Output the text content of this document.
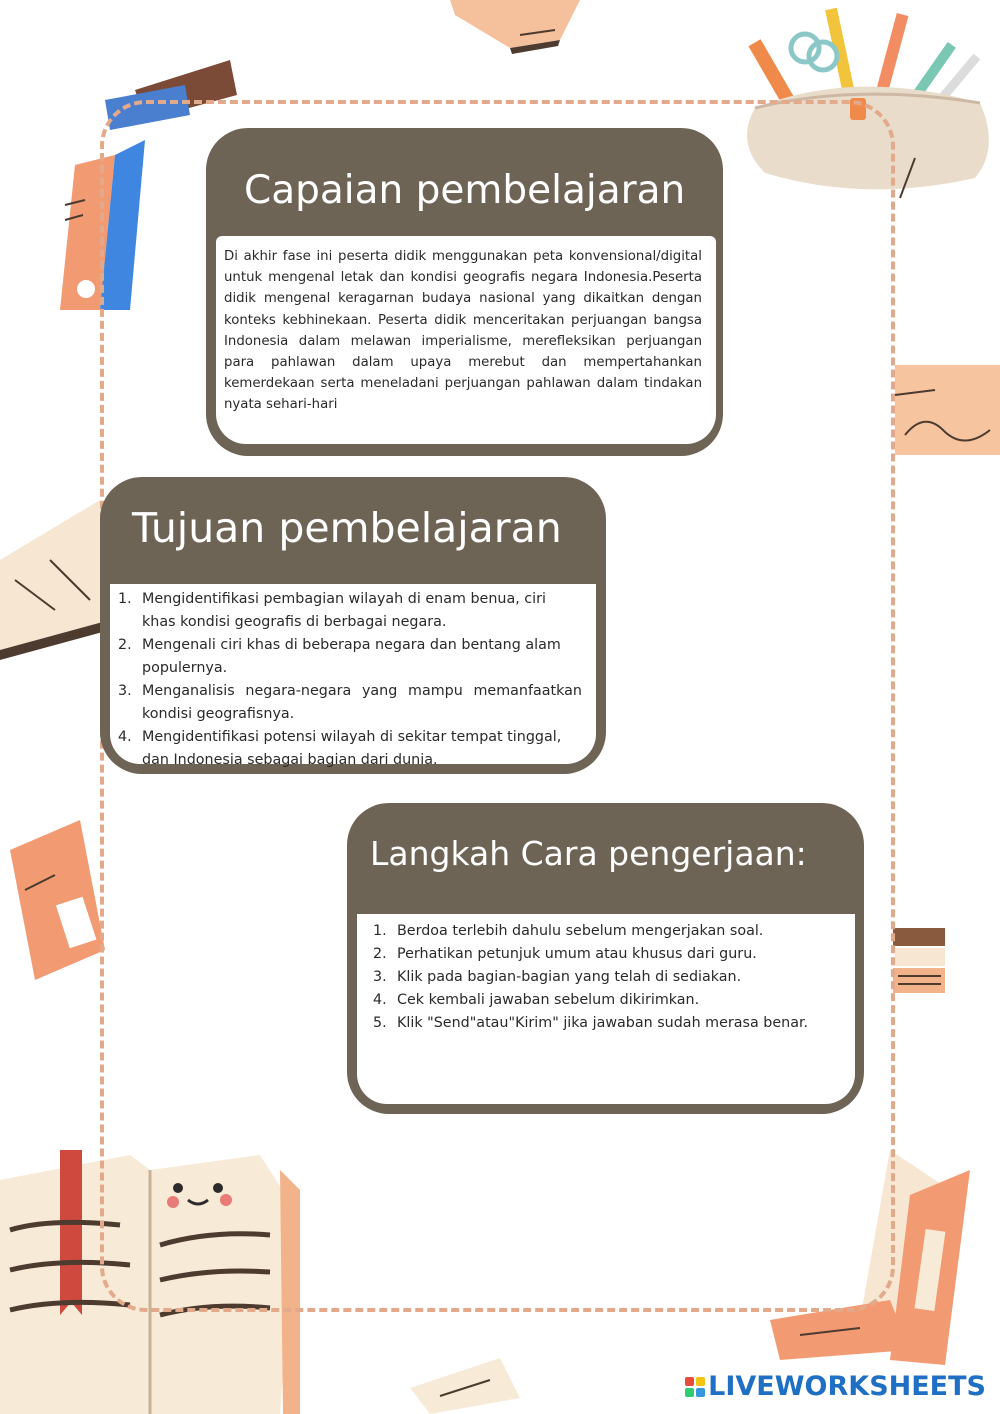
Capaian pembelajaran

Di akhir fase ini peserta didik menggunakan peta konvensional/digital untuk mengenal letak dan kondisi geografis negara Indonesia.Peserta didik mengenal keragarnan budaya nasional yang dikaitkan dengan konteks kebhinekaan. Peserta didik menceritakan perjuangan bangsa Indonesia dalam melawan imperialisme, merefleksikan perjuangan para pahlawan dalam upaya merebut dan mempertahankan kemerdekaan serta meneladani perjuangan pahlawan dalam tindakan nyata sehari-hari

Tujuan pembelajaran
1. Mengidentifikasi pembagian wilayah di enam benua, ciri khas kondisi geografis di berbagai negara.
2. Mengenali ciri khas di beberapa negara dan bentang alam populernya.
3. Menganalisis negara-negara yang mampu memanfaatkan kondisi geografisnya.
4. Mengidentifikasi potensi wilayah di sekitar tempat tinggal, dan Indonesia sebagai bagian dari dunia.
Langkah Cara pengerjaan:
1. Berdoa terlebih dahulu sebelum mengerjakan soal.
2. Perhatikan petunjuk umum atau khusus dari guru.
3. Klik pada bagian-bagian yang telah di sediakan.
4. Cek kembali jawaban sebelum dikirimkan.
5. Klik "Send"atau"Kirim" jika jawaban sudah merasa benar.
LIVEWORKSHEETS
